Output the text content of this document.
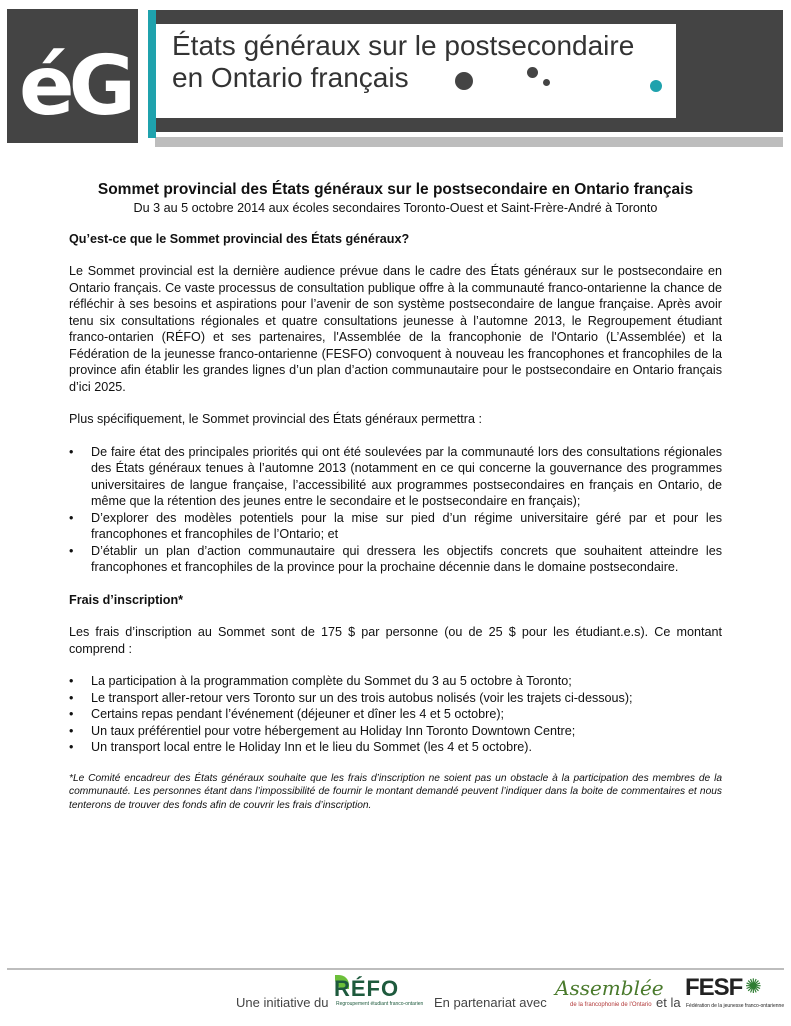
éG États généraux sur le postsecondaire
en Ontario français

Sommet provincial des États généraux sur le postsecondaire en Ontario français

Du 3 au 5 octobre 2014 aux écoles secondaires Toronto-Ouest et Saint-Frère-André à Toronto

Qu’est-ce que le Sommet provincial des États généraux?

Le Sommet provincial est la dernière audience prévue dans le cadre des États généraux sur le postsecondaire en Ontario français. Ce vaste processus de consultation publique offre à la communauté franco-ontarienne la chance de réfléchir à ses besoins et aspirations pour l’avenir de son système postsecondaire de langue française. Après avoir tenu six consultations régionales et quatre consultations jeunesse à l’automne 2013, le Regroupement étudiant franco-ontarien (RÉFO) et ses partenaires, l'Assemblée de la francophonie de l'Ontario (L’Assemblée) et la Fédération de la jeunesse franco-ontarienne (FESFO) convoquent à nouveau les francophones et francophiles de la province afin établir les grandes lignes d’un plan d’action communautaire pour le postsecondaire en Ontario français d’ici 2025.

Plus spécifiquement, le Sommet provincial des États généraux permettra :

• De faire état des principales priorités qui ont été soulevées par la communauté lors des consultations régionales des États généraux tenues à l’automne 2013 (notamment en ce qui concerne la gouvernance des programmes universitaires de langue française, l’accessibilité aux programmes postsecondaires en français en Ontario, de même que la rétention des jeunes entre le secondaire et le postsecondaire en français);
• D’explorer des modèles potentiels pour la mise sur pied d’un régime universitaire géré par et pour les francophones et francophiles de l’Ontario; et
• D’établir un plan d’action communautaire qui dressera les objectifs concrets que souhaitent atteindre les francophones et francophiles de la province pour la prochaine décennie dans le domaine postsecondaire.

Frais d’inscription*

Les frais d’inscription au Sommet sont de 175 $ par personne (ou de 25 $ pour les étudiant.e.s). Ce montant comprend :

• La participation à la programmation complète du Sommet du 3 au 5 octobre à Toronto;
• Le transport aller-retour vers Toronto sur un des trois autobus nolisés (voir les trajets ci-dessous);
• Certains repas pendant l’événement (déjeuner et dîner les 4 et 5 octobre);
• Un taux préférentiel pour votre hébergement au Holiday Inn Toronto Downtown Centre;
• Un transport local entre le Holiday Inn et le lieu du Sommet (les 4 et 5 octobre).

*Le Comité encadreur des États généraux souhaite que les frais d’inscription ne soient pas un obstacle à la participation des membres de la communauté. Les personnes étant dans l’impossibilité de fournir le montant demandé peuvent l’indiquer dans la boite de commentaires et nous tenterons de trouver des fonds afin de couvrir les frais d’inscription.

Une initiative du
RÉFO
Regroupement étudiant franco-ontarien En partenariat avec
Assemblée
de la francophonie de l'Ontario et la
FESF ✺
Fédération de la jeunesse franco-ontarienne
